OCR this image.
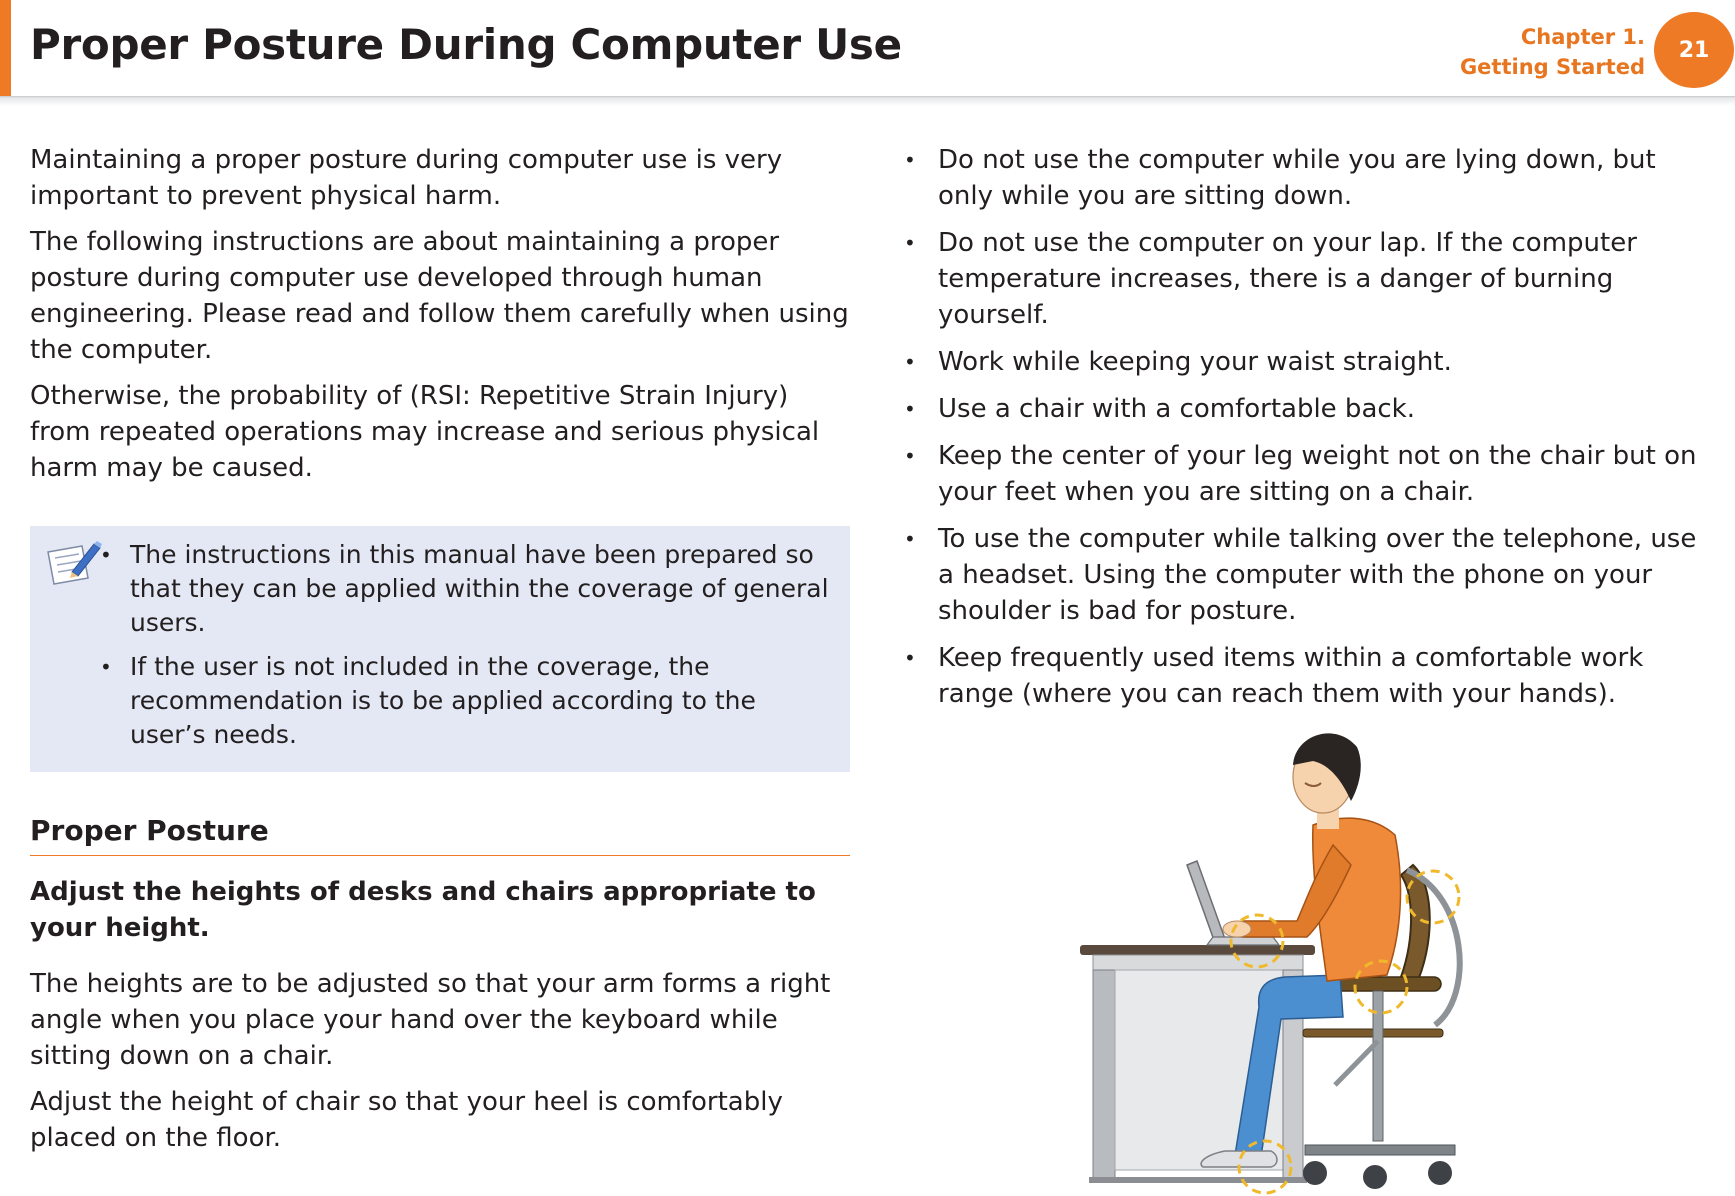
Proper Posture During Computer Use	Chapter 1.
Getting Started
21

Maintaining a proper posture during computer use is very important to prevent physical harm.

The following instructions are about maintaining a proper posture during computer use developed through human engineering. Please read and follow them carefully when using the computer.

Otherwise, the probability of (RSI: Repetitive Strain Injury) from repeated operations may increase and serious physical harm may be caused.

• The instructions in this manual have been prepared so that they can be applied within the coverage of general users.
• If the user is not included in the coverage, the recommendation is to be applied according to the user’s needs.
Proper Posture

Adjust the heights of desks and chairs appropriate to your height.

The heights are to be adjusted so that your arm forms a right angle when you place your hand over the keyboard while sitting down on a chair.

Adjust the height of chair so that your heel is comfortably placed on the floor.

• Do not use the computer while you are lying down, but only while you are sitting down.
• Do not use the computer on your lap. If the computer temperature increases, there is a danger of burning yourself.
• Work while keeping your waist straight.
• Use a chair with a comfortable back.
• Keep the center of your leg weight not on the chair but on your feet when you are sitting on a chair.
• To use the computer while talking over the telephone, use a headset. Using the computer with the phone on your shoulder is bad for posture.
• Keep frequently used items within a comfortable work range (where you can reach them with your hands).
